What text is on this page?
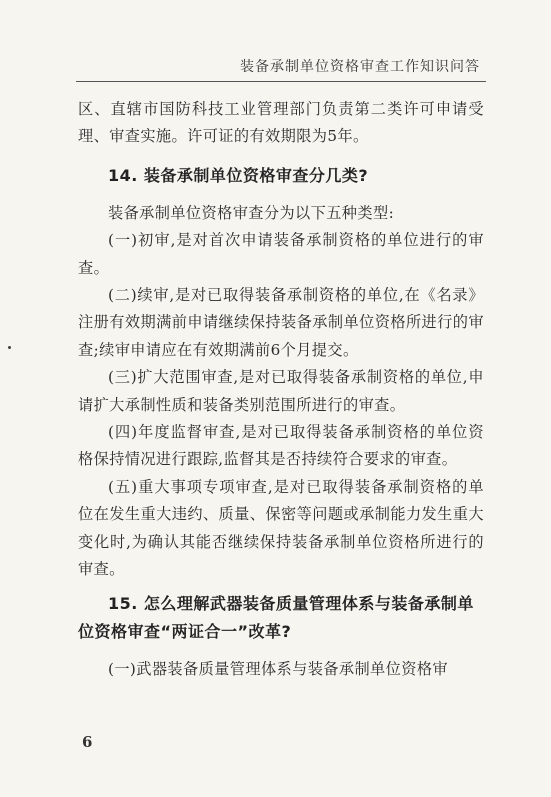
装备承制单位资格审查工作知识问答

区、直辖市国防科技工业管理部门负责第二类许可申请受理、审查实施。许可证的有效期限为5年。

14. 装备承制单位资格审查分几类?

装备承制单位资格审查分为以下五种类型:

(一)初审,是对首次申请装备承制资格的单位进行的审查。

(二)续审,是对已取得装备承制资格的单位,在《名录》注册有效期满前申请继续保持装备承制单位资格所进行的审查;续审申请应在有效期满前6个月提交。

(三)扩大范围审查,是对已取得装备承制资格的单位,申请扩大承制性质和装备类别范围所进行的审查。

(四)年度监督审查,是对已取得装备承制资格的单位资格保持情况进行跟踪,监督其是否持续符合要求的审查。

(五)重大事项专项审查,是对已取得装备承制资格的单位在发生重大违约、质量、保密等问题或承制能力发生重大变化时,为确认其能否继续保持装备承制单位资格所进行的审查。

15. 怎么理解武器装备质量管理体系与装备承制单位资格审查“两证合一”改革?

(一)武器装备质量管理体系与装备承制单位资格审

6
